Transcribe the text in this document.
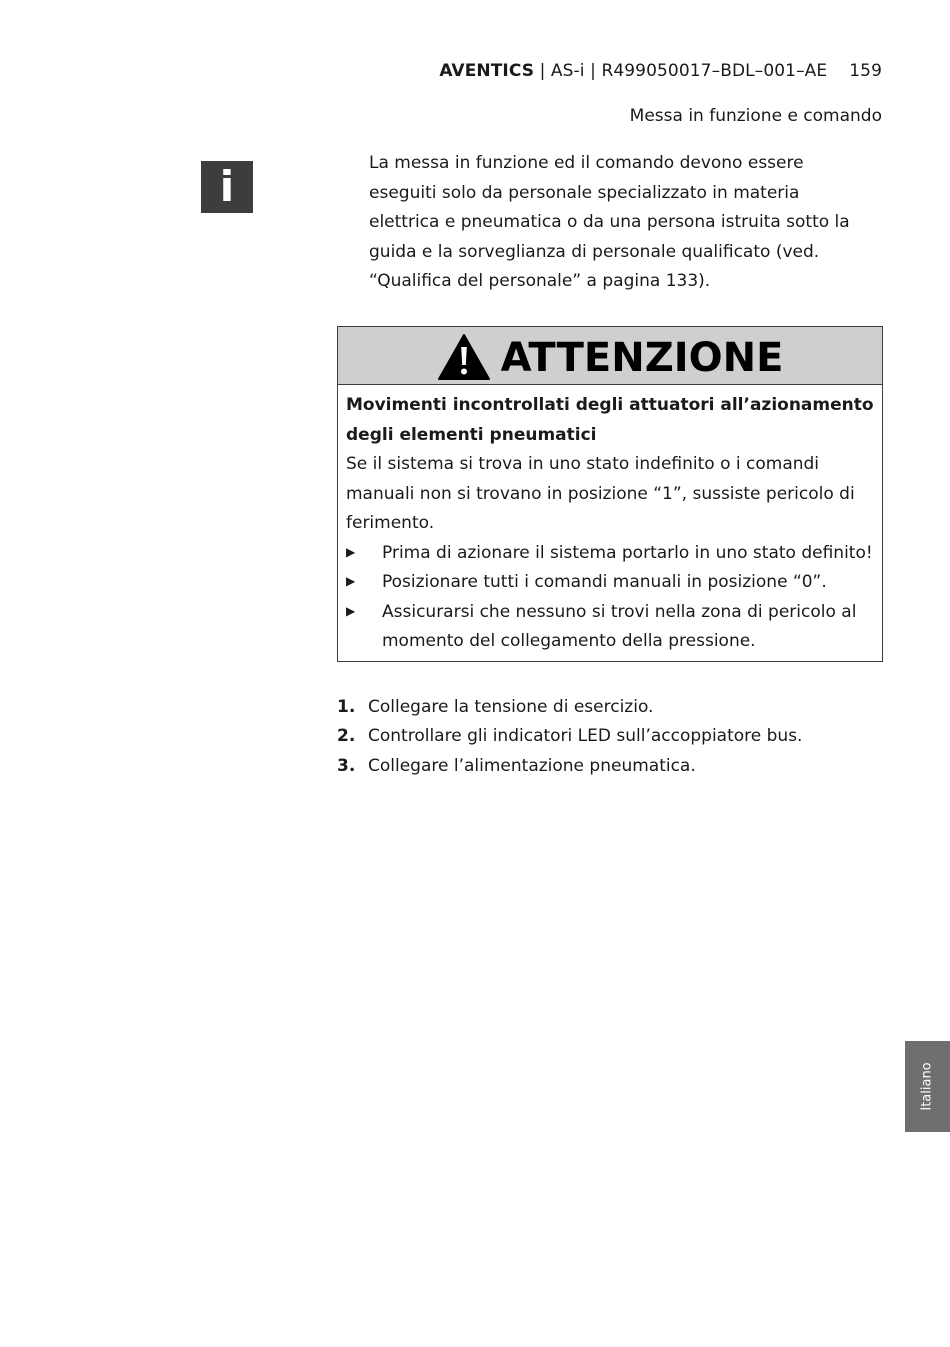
AVENTICS | AS-i | R499050017–BDL–001–AE 159
Messa in funzione e comando
i	La messa in funzione ed il comando devono essere eseguiti solo da personale specializzato in materia elettrica e pneumatica o da una persona istruita sotto la guida e la sorveglianza di personale qualificato (ved. “Qualifica del personale” a pagina 133).
ATTENZIONE
Movimenti incontrollati degli attuatori all’azionamento degli elementi pneumatici
Se il sistema si trova in uno stato indefinito o i comandi manuali non si trovano in posizione “1”, sussiste pericolo di ferimento.
▶ Prima di azionare il sistema portarlo in uno stato definito!
▶ Posizionare tutti i comandi manuali in posizione “0”.
▶ Assicurarsi che nessuno si trovi nella zona di pericolo al momento del collegamento della pressione.
1. Collegare la tensione di esercizio.
2. Controllare gli indicatori LED sull’accoppiatore bus.
3. Collegare l’alimentazione pneumatica.
Italiano
